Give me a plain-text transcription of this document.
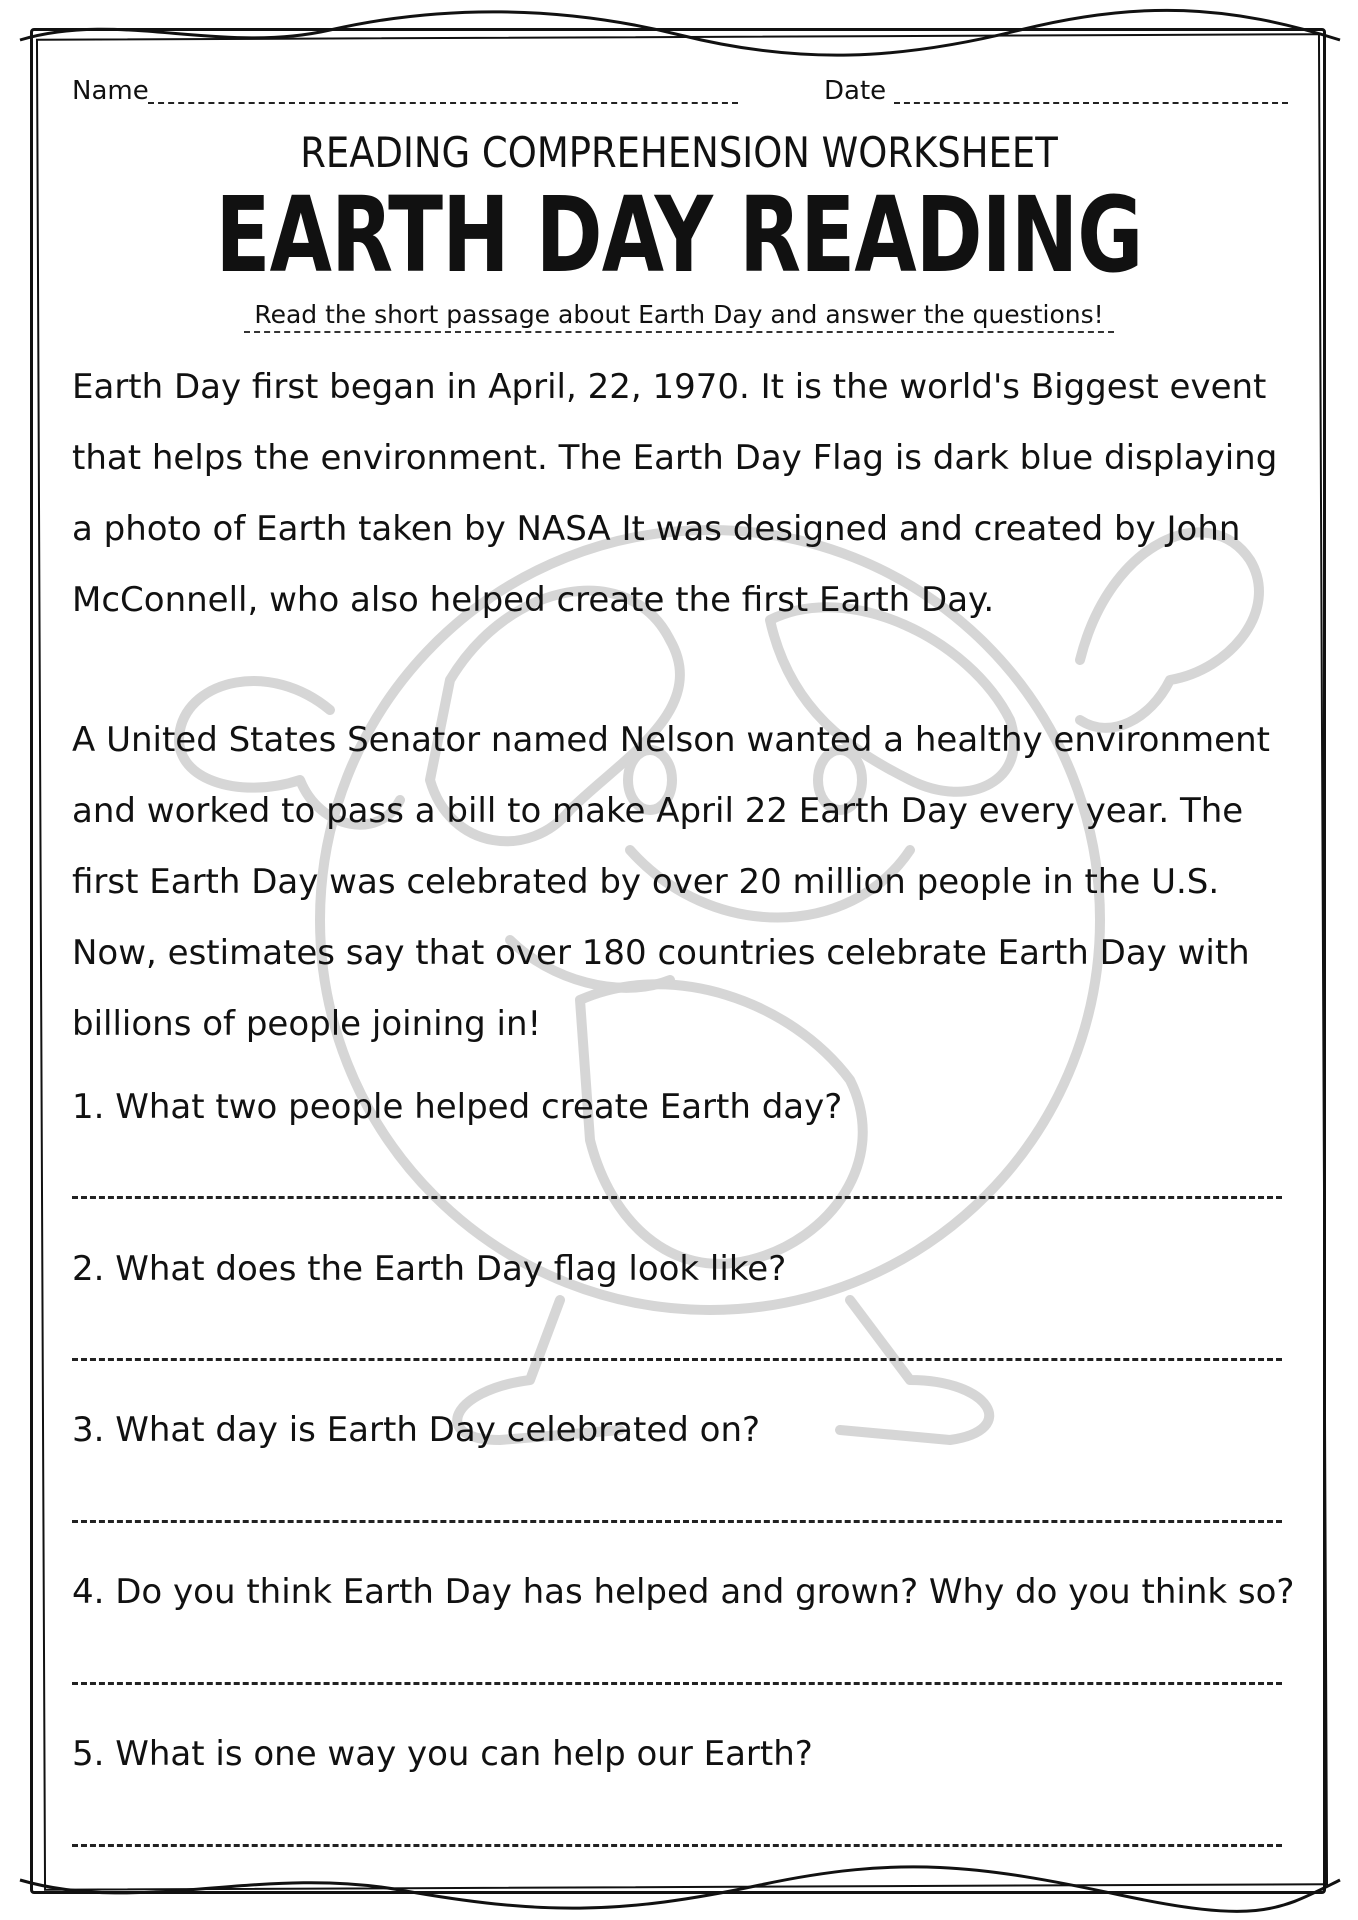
Name	Date
READING COMPREHENSION WORKSHEET
EARTH DAY READING
Read the short passage about Earth Day and answer the questions!

Earth Day first began in April, 22, 1970. It is the world's Biggest event that helps the environment. The Earth Day Flag is dark blue displaying a photo of Earth taken by NASA It was designed and created by John McConnell, who also helped create the first Earth Day.

A United States Senator named Nelson wanted a healthy environment and worked to pass a bill to make April 22 Earth Day every year. The first Earth Day was celebrated by over 20 million people in the U.S. Now, estimates say that over 180 countries celebrate Earth Day with billions of people joining in!

1. What two people helped create Earth day?
2. What does the Earth Day flag look like?
3. What day is Earth Day celebrated on?
4. Do you think Earth Day has helped and grown? Why do you think so?
5. What is one way you can help our Earth?
